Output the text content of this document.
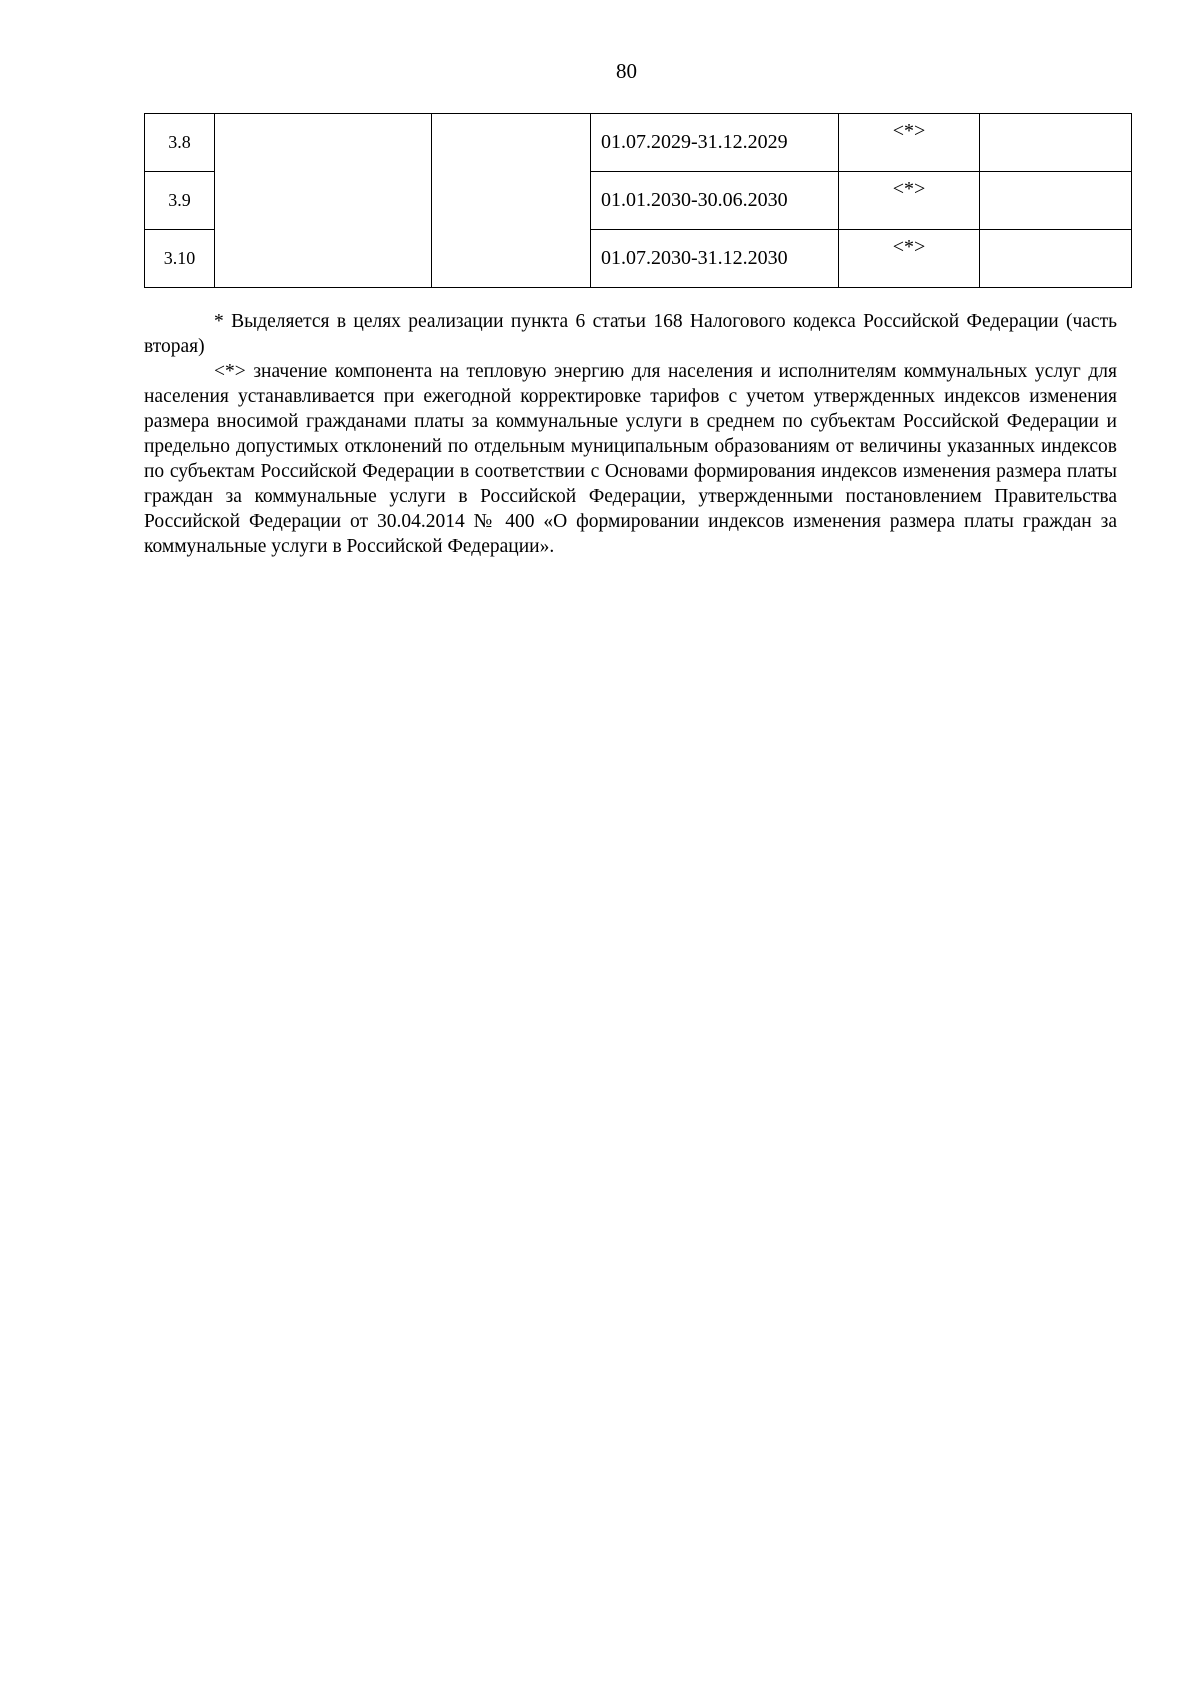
80
3.8			01.07.2029-31.12.2029	<*>	
3.9			01.01.2030-30.06.2030	<*>	
3.10			01.07.2030-31.12.2030	<*>	

* Выделяется в целях реализации пункта 6 статьи 168 Налогового кодекса Российской Федерации (часть вторая)

<*> значение компонента на тепловую энергию для населения и исполнителям коммунальных услуг для населения устанавливается при ежегодной корректировке тарифов с учетом утвержденных индексов изменения размера вносимой гражданами платы за коммунальные услуги в среднем по субъектам Российской Федерации и предельно допустимых отклонений по отдельным муниципальным образованиям от величины указанных индексов по субъектам Российской Федерации в соответствии с Основами формирования индексов изменения размера платы граждан за коммунальные услуги в Российской Федерации, утвержденными постановлением Правительства Российской Федерации от 30.04.2014 № 400 «О формировании индексов изменения размера платы граждан за коммунальные услуги в Российской Федерации».
